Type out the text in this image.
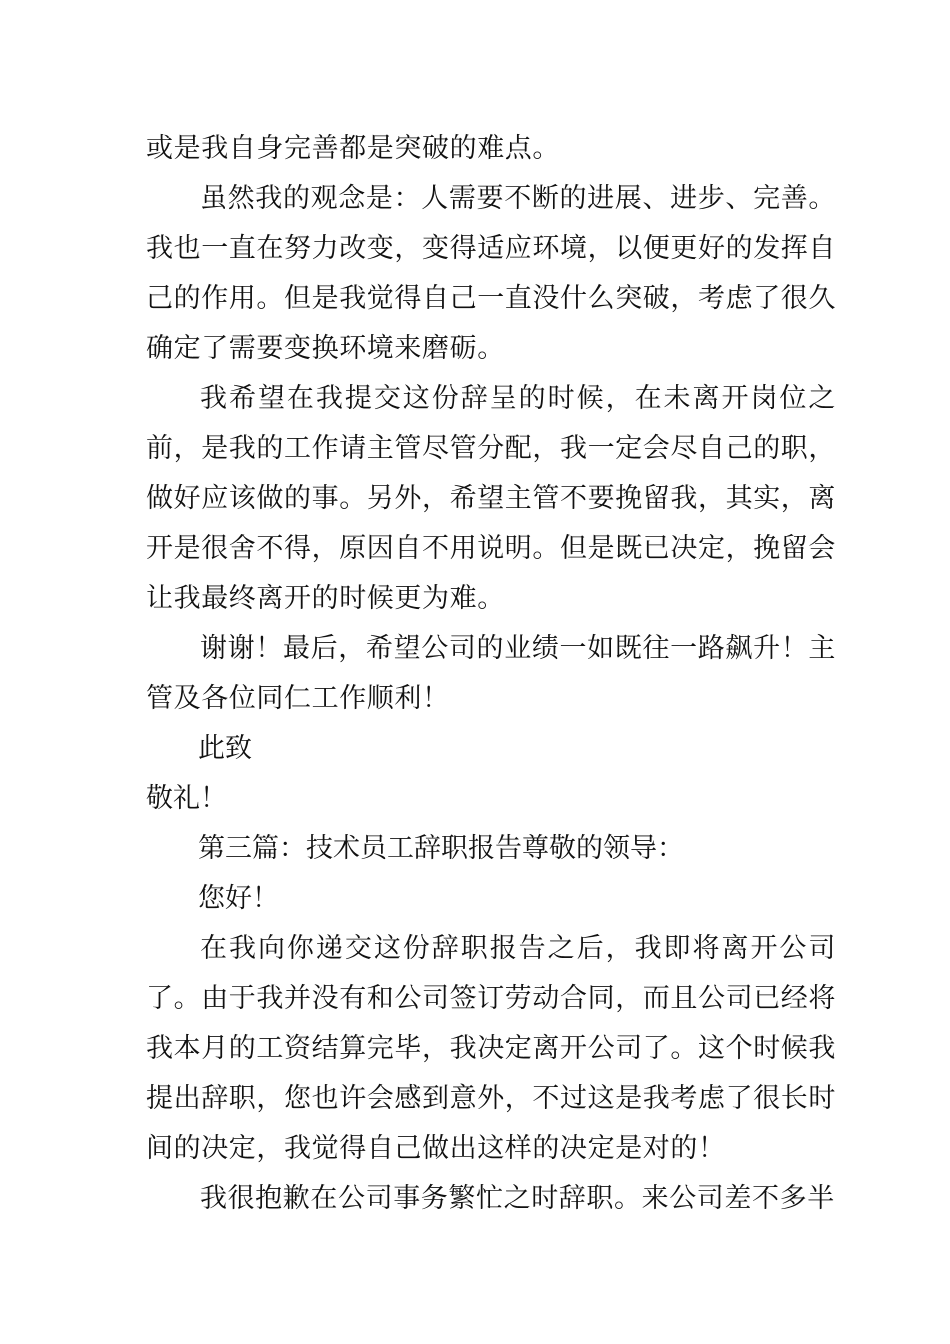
或是我自身完善都是突破的难点。

虽然我的观念是：人需要不断的进展、进步、完善。我也一直在努力改变，变得适应环境，以便更好的发挥自己的作用。但是我觉得自己一直没什么突破，考虑了很久确定了需要变换环境来磨砺。

我希望在我提交这份辞呈的时候，在未离开岗位之前，是我的工作请主管尽管分配，我一定会尽自己的职，做好应该做的事。另外，希望主管不要挽留我，其实，离开是很舍不得，原因自不用说明。但是既已决定，挽留会让我最终离开的时候更为难。

谢谢！最后，希望公司的业绩一如既往一路飙升！主管及各位同仁工作顺利！

此致

敬礼！

第三篇：技术员工辞职报告尊敬的领导：

您好！

在我向你递交这份辞职报告之后，我即将离开公司了。由于我并没有和公司签订劳动合同，而且公司已经将我本月的工资结算完毕，我决定离开公司了。这个时候我提出辞职，您也许会感到意外，不过这是我考虑了很长时间的决定，我觉得自己做出这样的决定是对的！

我很抱歉在公司事务繁忙之时辞职。来公司差不多半
